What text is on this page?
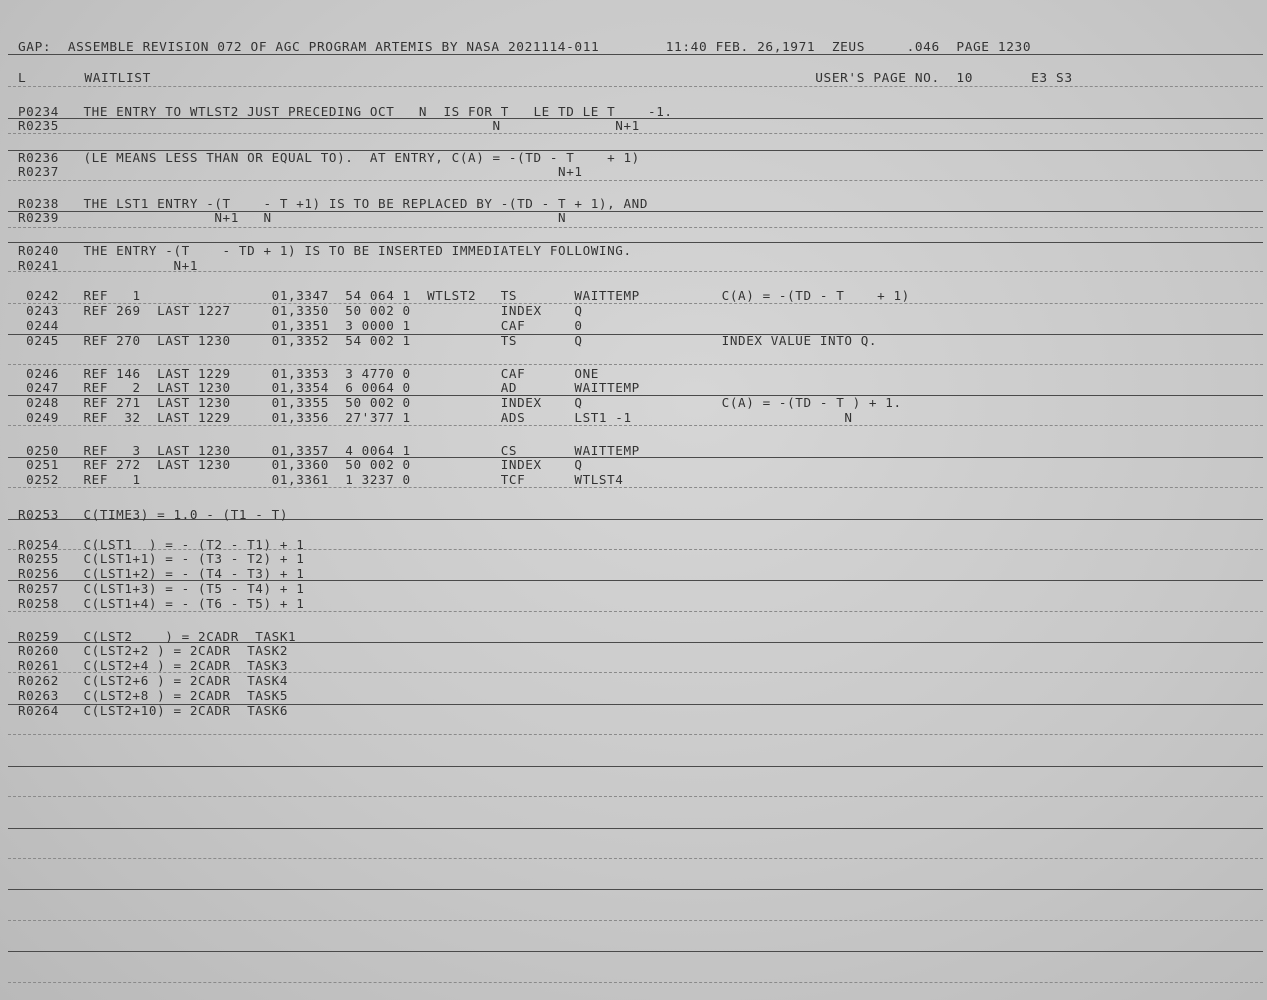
GAP:  ASSEMBLE REVISION 072 OF AGC PROGRAM ARTEMIS BY NASA 2021114-011        11:40 FEB. 26,1971  ZEUS     .046  PAGE 1230
L       WAITLIST                                                                                USER'S PAGE NO.  10       E3 S3
P0234   THE ENTRY TO WTLST2 JUST PRECEDING OCT   N  IS FOR T   LE TD LE T    -1.
R0235                                                     N              N+1
R0236   (LE MEANS LESS THAN OR EQUAL TO).  AT ENTRY, C(A) = -(TD - T    + 1)
R0237                                                             N+1
R0238   THE LST1 ENTRY -(T    - T +1) IS TO BE REPLACED BY -(TD - T + 1), AND
R0239                   N+1   N                                   N
R0240   THE ENTRY -(T    - TD + 1) IS TO BE INSERTED IMMEDIATELY FOLLOWING.
R0241              N+1
0242   REF   1                01,3347  54 064 1  WTLST2   TS       WAITTEMP          C(A) = -(TD - T    + 1)
0243   REF 269  LAST 1227     01,3350  50 002 0           INDEX    Q
0244                          01,3351  3 0000 1           CAF      0
0245   REF 270  LAST 1230     01,3352  54 002 1           TS       Q                 INDEX VALUE INTO Q.
0246   REF 146  LAST 1229     01,3353  3 4770 0           CAF      ONE
0247   REF   2  LAST 1230     01,3354  6 0064 0           AD       WAITTEMP
0248   REF 271  LAST 1230     01,3355  50 002 0           INDEX    Q                 C(A) = -(TD - T ) + 1.
0249   REF  32  LAST 1229     01,3356  27'377 1           ADS      LST1 -1                          N
0250   REF   3  LAST 1230     01,3357  4 0064 1           CS       WAITTEMP
0251   REF 272  LAST 1230     01,3360  50 002 0           INDEX    Q
0252   REF   1                01,3361  1 3237 0           TCF      WTLST4
R0253   C(TIME3) = 1.0 - (T1 - T)
R0254   C(LST1  ) = - (T2 - T1) + 1
R0255   C(LST1+1) = - (T3 - T2) + 1
R0256   C(LST1+2) = - (T4 - T3) + 1
R0257   C(LST1+3) = - (T5 - T4) + 1
R0258   C(LST1+4) = - (T6 - T5) + 1
R0259   C(LST2    ) = 2CADR  TASK1
R0260   C(LST2+2 ) = 2CADR  TASK2
R0261   C(LST2+4 ) = 2CADR  TASK3
R0262   C(LST2+6 ) = 2CADR  TASK4
R0263   C(LST2+8 ) = 2CADR  TASK5
R0264   C(LST2+10) = 2CADR  TASK6
